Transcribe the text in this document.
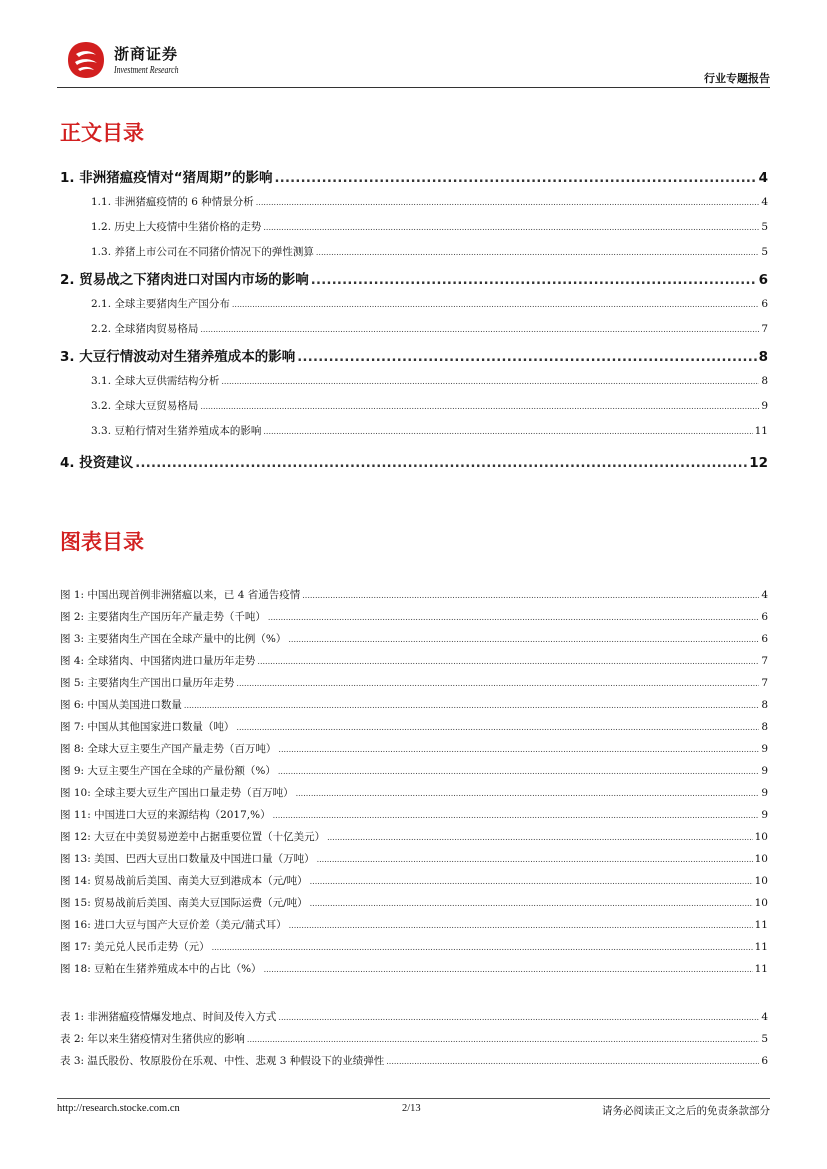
浙商证券
Investment Research
行业专题报告
正文目录
1. 非洲猪瘟疫情对“猪周期”的影响 .....	4
1.1. 非洲猪瘟疫情的 6 种情景分析 .....	4
1.2. 历史上大疫情中生猪价格的走势 .....	5
1.3. 养猪上市公司在不同猪价情况下的弹性测算 .....	5
2. 贸易战之下猪肉进口对国内市场的影响 .....	6
2.1. 全球主要猪肉生产国分布 .....	6
2.2. 全球猪肉贸易格局 .....	7
3. 大豆行情波动对生猪养殖成本的影响 .....	8
3.1. 全球大豆供需结构分析 .....	8
3.2. 全球大豆贸易格局 .....	9
3.3. 豆粕行情对生猪养殖成本的影响 .....	11
4. 投资建议 .....	12
图表目录
图 1: 中国出现首例非洲猪瘟以来，已 4 省通告疫情 .....	4
图 2: 主要猪肉生产国历年产量走势（千吨） .....	6
图 3: 主要猪肉生产国在全球产量中的比例（%） .....	6
图 4: 全球猪肉、中国猪肉进口量历年走势 .....	7
图 5: 主要猪肉生产国出口量历年走势 .....	7
图 6: 中国从美国进口数量 .....	8
图 7: 中国从其他国家进口数量（吨） .....	8
图 8: 全球大豆主要生产国产量走势（百万吨） .....	9
图 9: 大豆主要生产国在全球的产量份额（%） .....	9
图 10: 全球主要大豆生产国出口量走势（百万吨） .....	9
图 11: 中国进口大豆的来源结构（2017,%） .....	9
图 12: 大豆在中美贸易逆差中占据重要位置（十亿美元） .....	10
图 13: 美国、巴西大豆出口数量及中国进口量（万吨） .....	10
图 14: 贸易战前后美国、南美大豆到港成本（元/吨） .....	10
图 15: 贸易战前后美国、南美大豆国际运费（元/吨） .....	10
图 16: 进口大豆与国产大豆价差（美元/蒲式耳） .....	11
图 17: 美元兑人民币走势（元） .....	11
图 18: 豆粕在生猪养殖成本中的占比（%） .....	11
表 1: 非洲猪瘟疫情爆发地点、时间及传入方式 .....	4
表 2: 年以来生猪疫情对生猪供应的影响 .....	5
表 3: 温氏股份、牧原股份在乐观、中性、悲观 3 种假设下的业绩弹性 .....	6
http://research.stocke.com.cn	2/13	请务必阅读正文之后的免责条款部分
